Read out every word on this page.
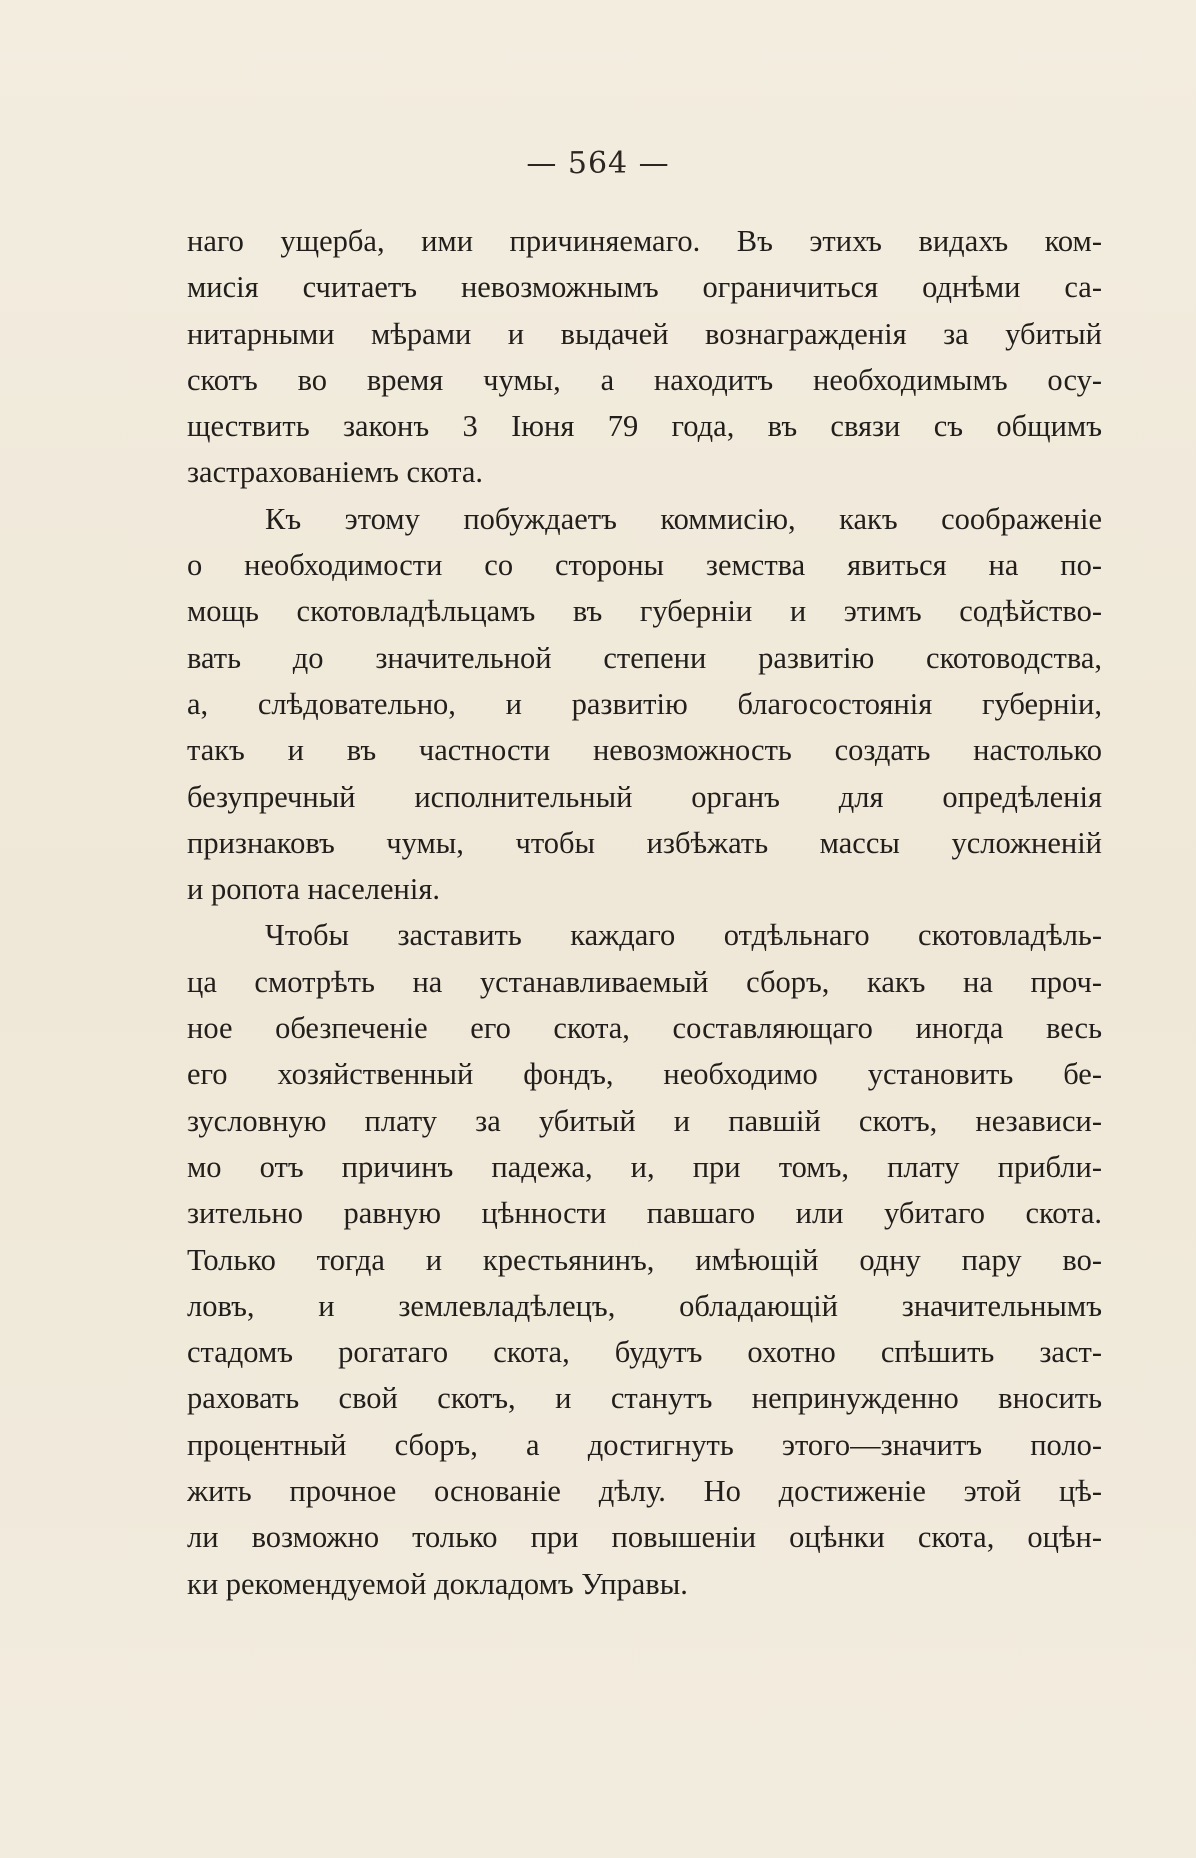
— 564 —
наго ущерба, ими причиняемаго. Въ этихъ видахъ ком-
мисія считаетъ невозможнымъ ограничиться однѣми са-
нитарными мѣрами и выдачей вознагражденія за убитый
скотъ во время чумы, а находитъ необходимымъ осу-
ществить законъ 3 Іюня 79 года, въ связи съ общимъ
застрахованіемъ скота.
Къ этому побуждаетъ коммисію, какъ соображеніе
о необходимости со стороны земства явиться на по-
мощь скотовладѣльцамъ въ губерніи и этимъ содѣйство-
вать до значительной степени развитію скотоводства,
а, слѣдовательно, и развитію благосостоянія губерніи,
такъ и въ частности невозможность создать настолько
безупречный исполнительный органъ для опредѣленія
признаковъ чумы, чтобы избѣжать массы усложненій
и ропота населенія.
Чтобы заставить каждаго отдѣльнаго скотовладѣль-
ца смотрѣть на устанавливаемый сборъ, какъ на проч-
ное обезпеченіе его скота, составляющаго иногда весь
его хозяйственный фондъ, необходимо установить бе-
зусловную плату за убитый и павшій скотъ, независи-
мо отъ причинъ падежа, и, при томъ, плату прибли-
зительно равную цѣнности павшаго или убитаго скота.
Только тогда и крестьянинъ, имѣющій одну пару во-
ловъ, и землевладѣлецъ, обладающій значительнымъ
стадомъ рогатаго скота, будутъ охотно спѣшить заст-
раховать свой скотъ, и станутъ непринужденно вносить
процентный сборъ, а достигнуть этого—значитъ поло-
жить прочное основаніе дѣлу. Но достиженіе этой цѣ-
ли возможно только при повышеніи оцѣнки скота, оцѣн-
ки рекомендуемой докладомъ Управы.
